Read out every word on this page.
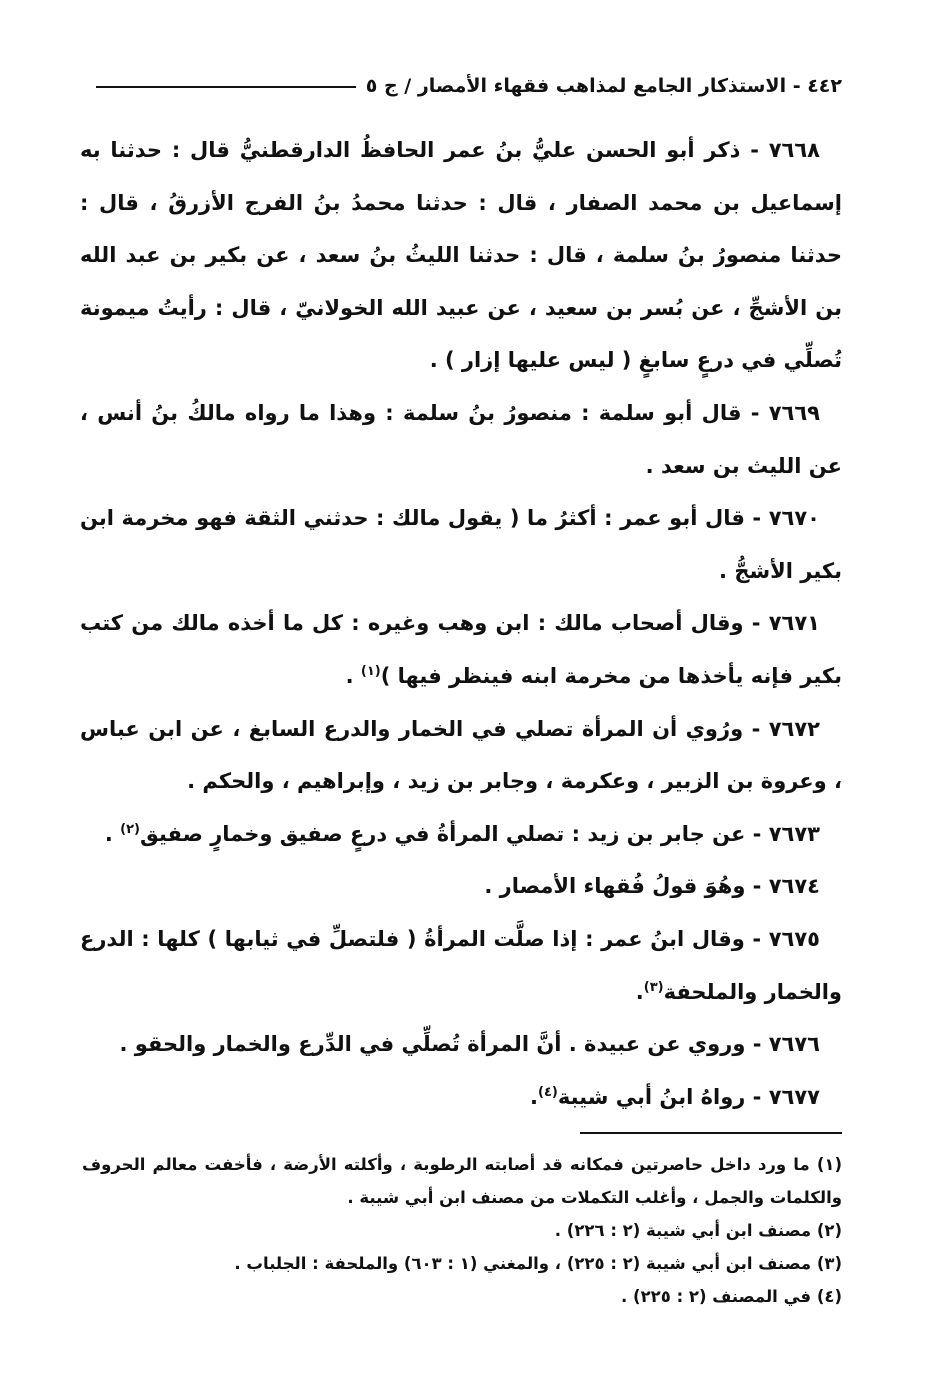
٤٤٢ - الاستذكار الجامع لمذاهب فقهاء الأمصار / ج ٥

٧٦٦٨ - ذكر أبو الحسن عليُّ بنُ عمر الحافظُ الدارقطنيُّ قال : حدثنا به إسماعيل بن محمد الصفار ، قال : حدثنا محمدُ بنُ الفرج الأزرقُ ، قال : حدثنا منصورُ بنُ سلمة ، قال : حدثنا الليثُ بنُ سعد ، عن بكير بن عبد الله بن الأشجِّ ، عن بُسر بن سعيد ، عن عبيد الله الخولانيّ ، قال : رأيتُ ميمونة تُصلِّي في درعٍ سابغٍ ( ليس عليها إزار ) .

٧٦٦٩ - قال أبو سلمة : منصورُ بنُ سلمة : وهذا ما رواه مالكُ بنُ أنس ، عن الليث بن سعد .

٧٦٧٠ - قال أبو عمر : أكثرُ ما ( يقول مالك : حدثني الثقة فهو مخرمة ابن بكير الأشجُّ .

٧٦٧١ - وقال أصحاب مالك : ابن وهب وغيره : كل ما أخذه مالك من كتب بكير فإنه يأخذها من مخرمة ابنه فينظر فيها )$^{(١)}$ .

٧٦٧٢ - ورُوي أن المرأة تصلي في الخمار والدرع السابغ ، عن ابن عباس ، وعروة بن الزبير ، وعكرمة ، وجابر بن زيد ، وإبراهيم ، والحكم .

٧٦٧٣ - عن جابر بن زيد : تصلي المرأةُ في درعٍ صفيق وخمارٍ صفيق$^{(٢)}$ .

٧٦٧٤ - وهُوَ قولُ فُقهاء الأمصار .

٧٦٧٥ - وقال ابنُ عمر : إذا صلَّت المرأةُ ( فلتصلِّ في ثيابها ) كلها : الدرع والخمار والملحفة$^{(٣)}$.

٧٦٧٦ - وروي عن عبيدة . أنَّ المرأة تُصلِّي في الدِّرع والخمار والحقو .

٧٦٧٧ - رواهُ ابنُ أبي شيبة$^{(٤)}$.

(١) ما ورد داخل حاصرتين فمكانه قد أصابته الرطوبة ، وأكلته الأرضة ، فأخفت معالم الحروف والكلمات والجمل ، وأغلب التكملات من مصنف ابن أبي شيبة .

(٢) مصنف ابن أبي شيبة (٢ : ٢٢٦) .

(٣) مصنف ابن أبي شيبة (٢ : ٢٢٥) ، والمغني (١ : ٦٠٣) والملحفة : الجلباب .

(٤) في المصنف (٢ : ٢٢٥) .
